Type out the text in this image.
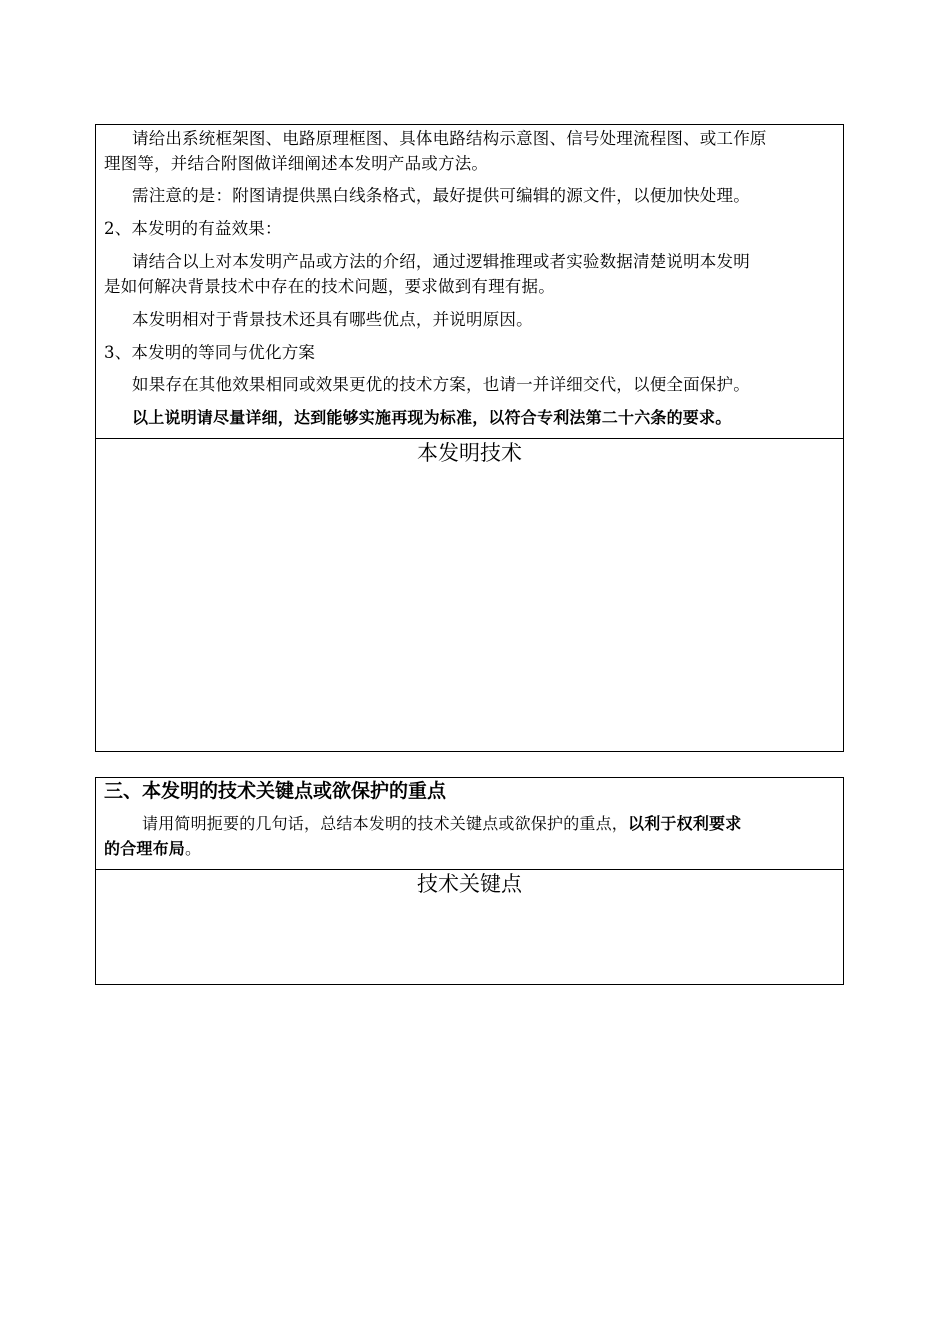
请给出系统框架图、电路原理框图、具体电路结构示意图、信号处理流程图、或工作原
理图等，并结合附图做详细阐述本发明产品或方法。
需注意的是：附图请提供黑白线条格式，最好提供可编辑的源文件，以便加快处理。
2、本发明的有益效果：
请结合以上对本发明产品或方法的介绍，通过逻辑推理或者实验数据清楚说明本发明
是如何解决背景技术中存在的技术问题，要求做到有理有据。
本发明相对于背景技术还具有哪些优点，并说明原因。
3、本发明的等同与优化方案
如果存在其他效果相同或效果更优的技术方案，也请一并详细交代，以便全面保护。
以上说明请尽量详细，达到能够实施再现为标准，以符合专利法第二十六条的要求。
本发明技术
三、本发明的技术关键点或欲保护的重点
请用简明扼要的几句话，总结本发明的技术关键点或欲保护的重点，以利于权利要求
的合理布局。
技术关键点
